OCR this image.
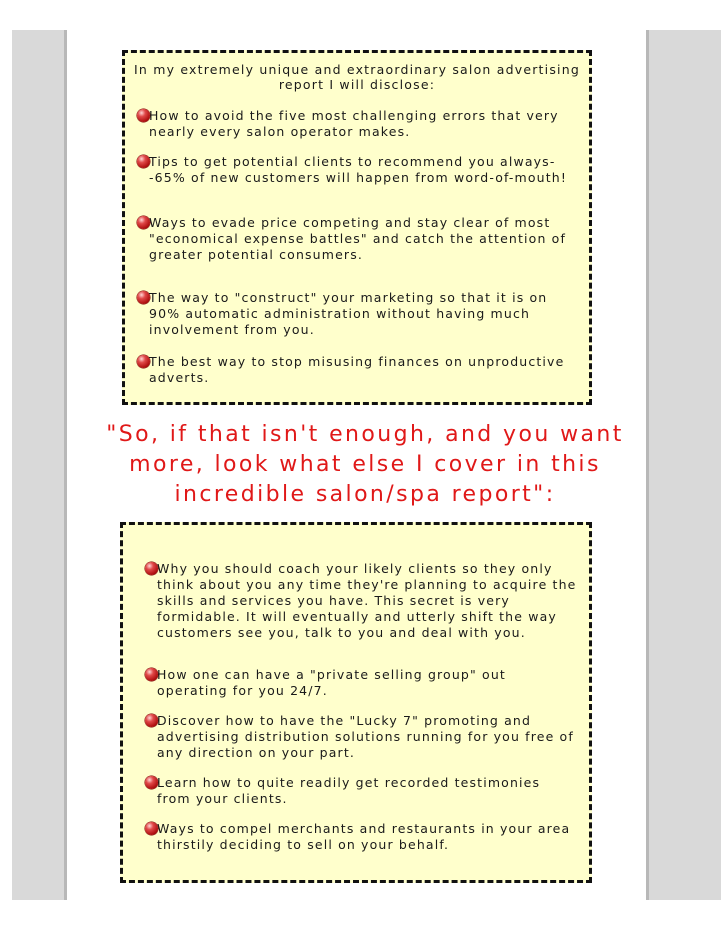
In my extremely unique and extraordinary salon advertising report I will disclose:

How to avoid the five most challenging errors that very nearly every salon operator makes.

Tips to get potential clients to recommend you always--65% of new customers will happen from word-of-mouth!

Ways to evade price competing and stay clear of most "economical expense battles" and catch the attention of greater potential consumers.

The way to "construct" your marketing so that it is on 90% automatic administration without having much involvement from you.

The best way to stop misusing finances on unproductive adverts.

"So, if that isn't enough, and you want more, look what else I cover in this incredible salon/spa report":

Why you should coach your likely clients so they only think about you any time they're planning to acquire the skills and services you have. This secret is very formidable. It will eventually and utterly shift the way customers see you, talk to you and deal with you.

How one can have a "private selling group" out operating for you 24/7.

Discover how to have the "Lucky 7" promoting and advertising distribution solutions running for you free of any direction on your part.

Learn how to quite readily get recorded testimonies from your clients.

Ways to compel merchants and restaurants in your area thirstily deciding to sell on your behalf.
